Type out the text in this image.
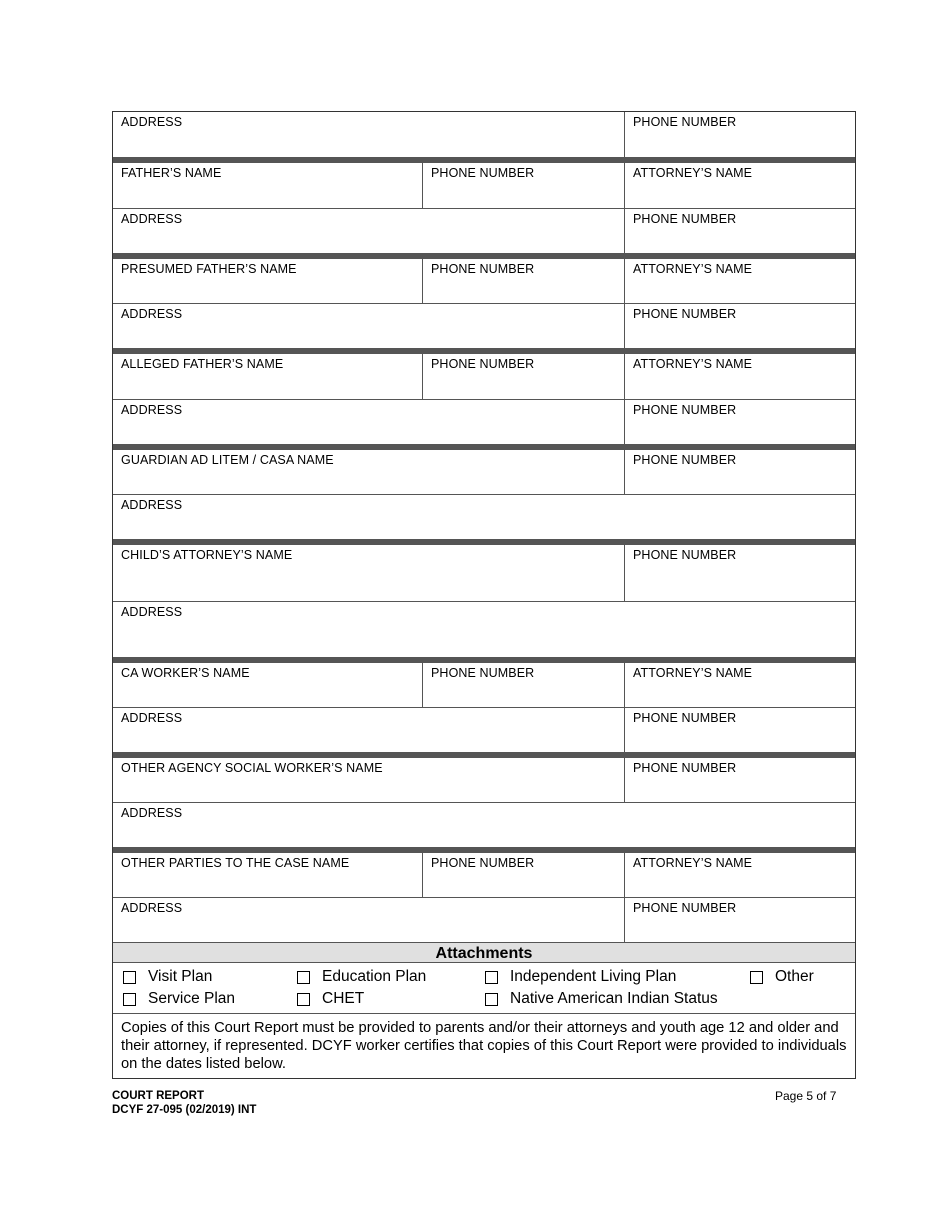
ADDRESS	PHONE NUMBER
FATHER’S NAME	PHONE NUMBER	ATTORNEY’S NAME
ADDRESS	PHONE NUMBER
PRESUMED FATHER’S NAME	PHONE NUMBER	ATTORNEY’S NAME
ADDRESS	PHONE NUMBER
ALLEGED FATHER’S NAME	PHONE NUMBER	ATTORNEY’S NAME
ADDRESS	PHONE NUMBER
GUARDIAN AD LITEM / CASA NAME	PHONE NUMBER
ADDRESS
CHILD’S ATTORNEY’S NAME	PHONE NUMBER
ADDRESS
CA WORKER’S NAME	PHONE NUMBER	ATTORNEY’S NAME
ADDRESS	PHONE NUMBER
OTHER AGENCY SOCIAL WORKER’S NAME	PHONE NUMBER
ADDRESS
OTHER PARTIES TO THE CASE NAME	PHONE NUMBER	ATTORNEY’S NAME
ADDRESS	PHONE NUMBER
Attachments
Visit Plan	Education Plan	Independent Living Plan	Other
Service Plan	CHET	Native American Indian Status
Copies of this Court Report must be provided to parents and/or their attorneys and youth age 12 and older and their attorney, if represented. DCYF worker certifies that copies of this Court Report were provided to individuals on the dates listed below.
COURT REPORT
DCYF 27-095 (02/2019) INT
Page 5 of 7
